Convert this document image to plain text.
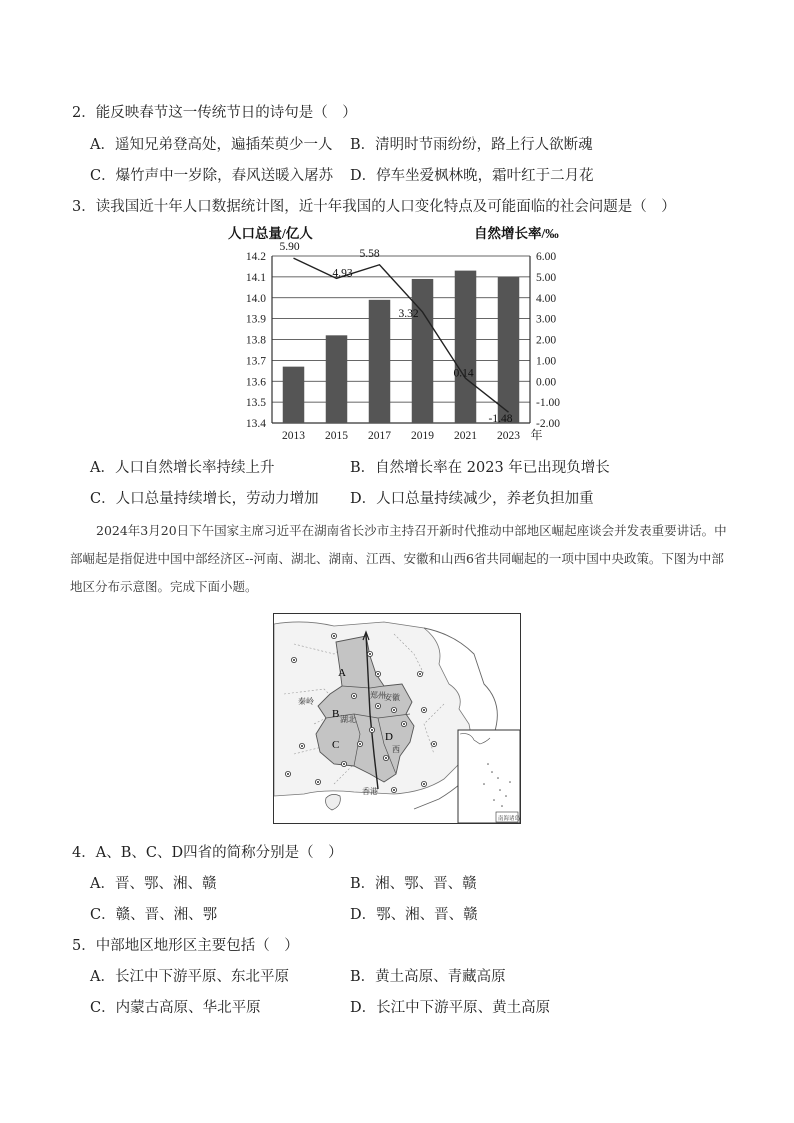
2．能反映春节这一传统节日的诗句是（　）
A．遥知兄弟登高处，遍插茱萸少一人 B．清明时节雨纷纷，路上行人欲断魂
C．爆竹声中一岁除，春风送暖入屠苏 D．停车坐爱枫林晚，霜叶红于二月花
3．读我国近十年人口数据统计图，近十年我国的人口变化特点及可能面临的社会问题是（　）
13.4
13.5
13.6
13.7
13.8
13.9
14.0
14.1
14.2
-2.00
-1.00
0.00
1.00
2.00
3.00
4.00
5.00
6.00
2013 2015 2017 2019 2021 2023 年
5.90
4.93
5.58
3.32
0.14
-1.48
人口总量/亿人	自然增长率/‰
A．人口自然增长率持续上升	B．自然增长率在 2023 年已出现负增长
C．人口总量持续增长，劳动力增加 D．人口总量持续减少，养老负担加重

2024年3月20日下午国家主席习近平在湖南省长沙市主持召开新时代推动中部地区崛起座谈会并发表重要讲话。中部崛起是指促进中国中部经济区--河南、湖北、湖南、江西、安徽和山西6省共同崛起的一项中国中央政策。下图为中部地区分布示意图。完成下面小题。

A
B
C
D
郑州
秦岭
湖北
安徽
西
香港
南海诸岛
4．A、B、C、D四省的简称分别是（　）
A．晋、鄂、湘、赣	B．湘、鄂、晋、赣
C．赣、晋、湘、鄂	D．鄂、湘、晋、赣
5．中部地区地形区主要包括（　）
A．长江中下游平原、东北平原	B．黄土高原、青藏高原
C．内蒙古高原、华北平原	D．长江中下游平原、黄土高原
